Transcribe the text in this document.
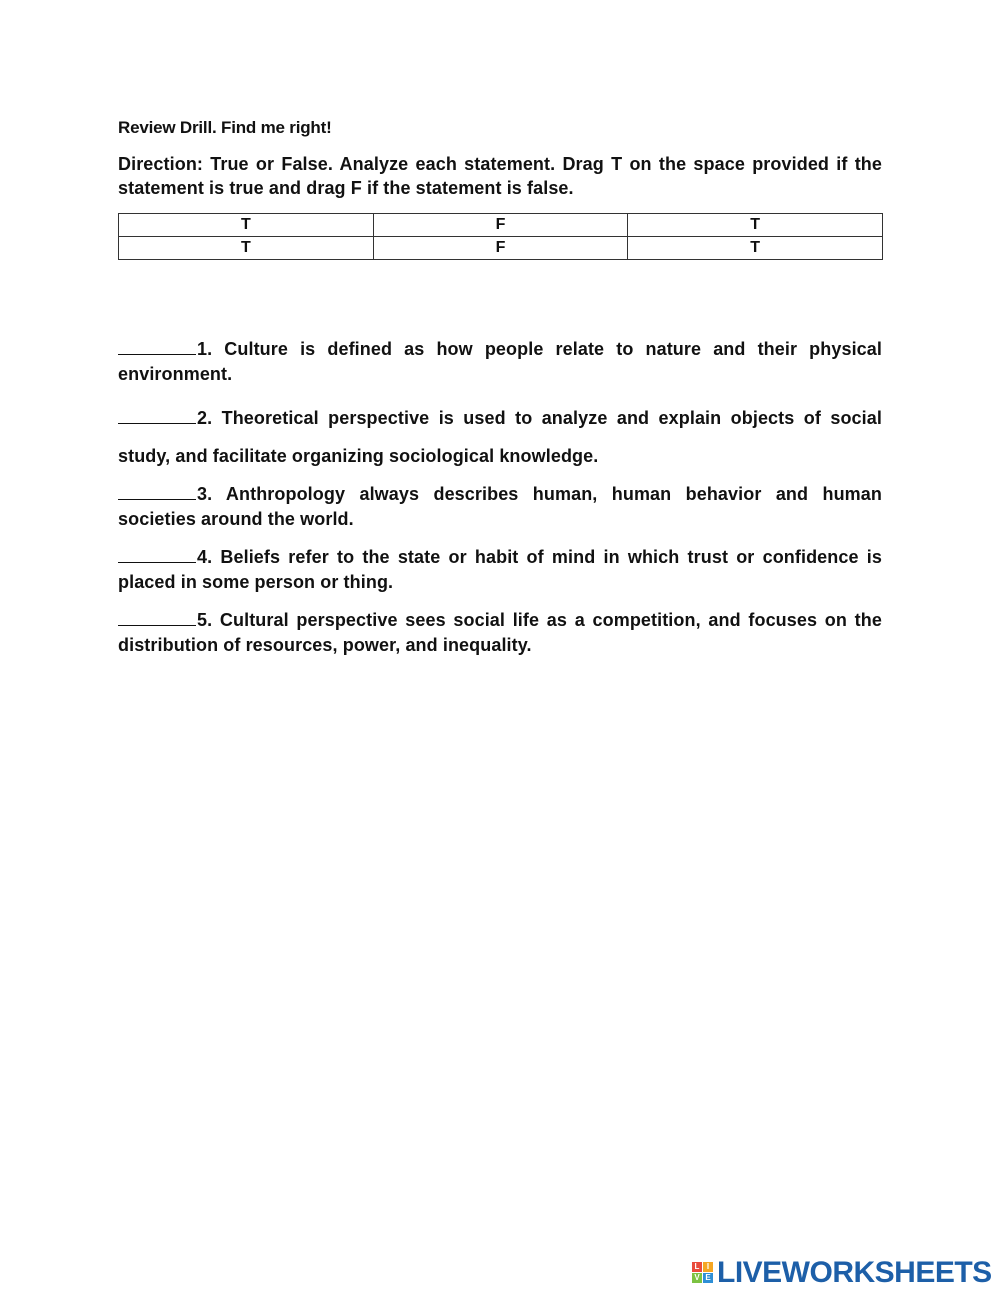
Review Drill. Find me right!

Direction: True or False. Analyze each statement. Drag T on the space provided if the statement is true and drag F if the statement is false.

T	F	T
T	F	T

1. Culture is defined as how people relate to nature and their physical environment.

2. Theoretical perspective is used to analyze and explain objects of social study, and facilitate organizing sociological knowledge.

3. Anthropology always describes human, human behavior and human societies around the world.

4. Beliefs refer to the state or habit of mind in which trust or confidence is placed in some person or thing.

5. Cultural perspective sees social life as a competition, and focuses on the distribution of resources, power, and inequality.

L I
V E LIVEWORKSHEETS
